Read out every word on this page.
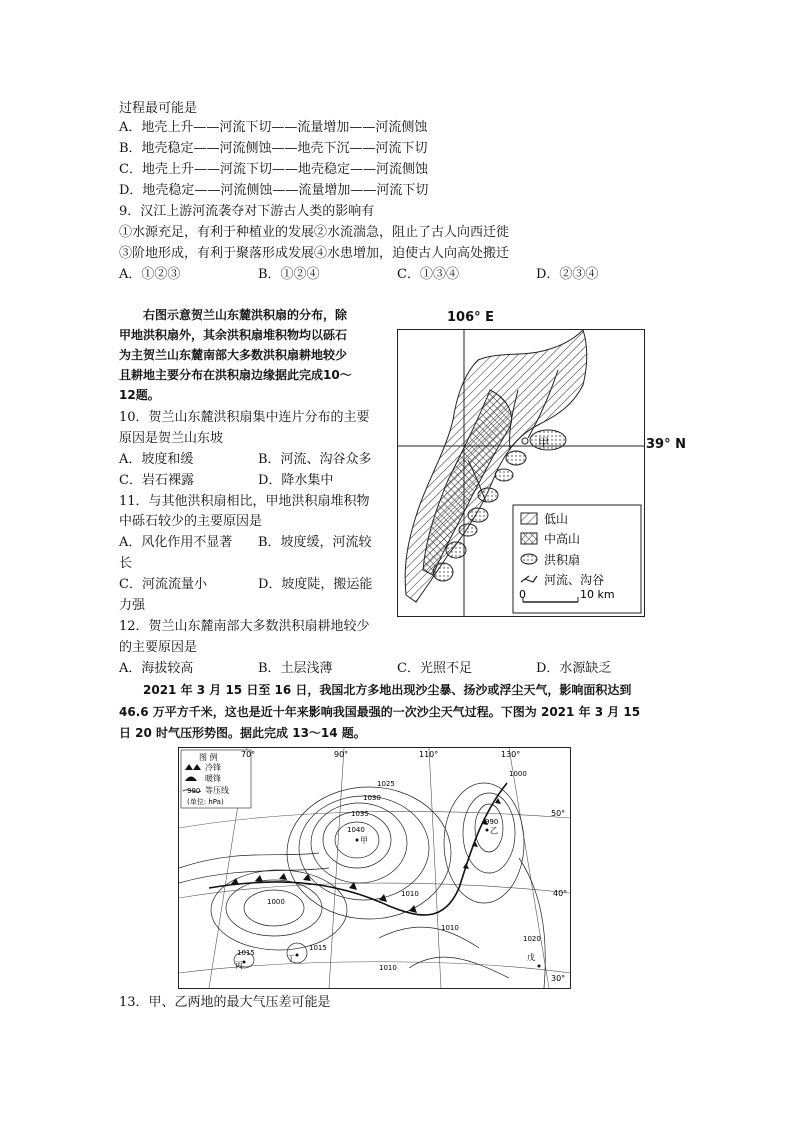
过程最可能是
A．地壳上升——河流下切——流量增加——河流侧蚀
B．地壳稳定——河流侧蚀——地壳下沉——河流下切
C．地壳上升——河流下切——地壳稳定——河流侧蚀
D．地壳稳定——河流侧蚀——流量增加——河流下切
9．汉江上游河流袭夺对下游古人类的影响有
①水源充足，有利于种植业的发展②水流湍急，阻止了古人向西迁徙
③阶地形成，有利于聚落形成发展④水患增加，迫使古人向高处搬迁
A．①②③	B．①②④	C．①③④	D．②③④
　　右图示意贺兰山东麓洪积扇的分布，除
甲地洪积扇外，其余洪积扇堆积物均以砾石
为主贺兰山东麓南部大多数洪积扇耕地较少
且耕地主要分布在洪积扇边缘据此完成10～
12题。
10．贺兰山东麓洪积扇集中连片分布的主要
原因是贺兰山东坡
A．坡度和缓	B．河流、沟谷众多
C．岩石裸露	D．降水集中
11．与其他洪积扇相比，甲地洪积扇堆积物
中砾石较少的主要原因是
A．风化作用不显著 B．坡度缓，河流较
长
C．河流流量小	D．坡度陡，搬运能
力强
12．贺兰山东麓南部大多数洪积扇耕地较少
的主要原因是
A．海拔较高	B．土层浅薄	C．光照不足	D．水源缺乏
106° E
39° N
甲
低山
中高山
洪积扇
河流、沟谷
0	10 km
　　2021 年 3 月 15 日至 16 日，我国北方多地出现沙尘暴、扬沙或浮尘天气，影响面积达到
46.6 万平方千米，这也是近十年来影响我国最强的一次沙尘天气过程。下图为 2021 年 3 月 15
日 20 时气压形势图。据此完成 13～14 题。
图 例
冷锋
暖锋
990 等压线
(单位: hPa)
70°	90°	110°	130°
50°
40°
30°
1000
1025
1030
1035
1040
990
1000
1010
1010
1015
1015
1020
1010
甲
乙
丙
丁	戊
13．甲、乙两地的最大气压差可能是
